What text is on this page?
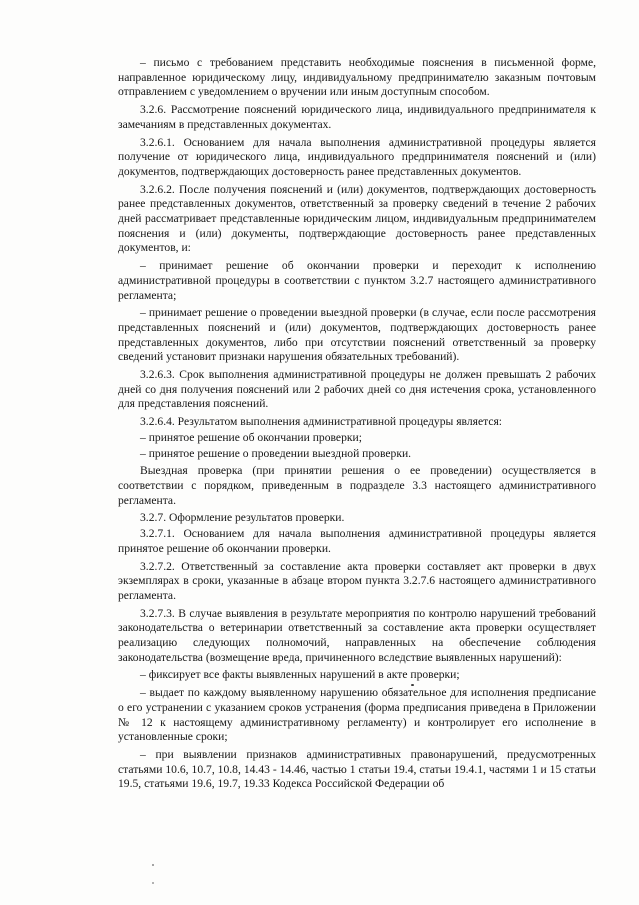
– письмо с требованием представить необходимые пояснения в письменной форме, направленное юридическому лицу, индивидуальному предпринимателю заказным почтовым отправлением с уведомлением о вручении или иным доступным способом.

3.2.6. Рассмотрение пояснений юридического лица, индивидуального предпринимателя к замечаниям в представленных документах.

3.2.6.1. Основанием для начала выполнения административной процедуры является получение от юридического лица, индивидуального предпринимателя пояснений и (или) документов, подтверждающих достоверность ранее представленных документов.

3.2.6.2. После получения пояснений и (или) документов, подтверждающих достоверность ранее представленных документов, ответственный за проверку сведений в течение 2 рабочих дней рассматривает представленные юридическим лицом, индивидуальным предпринимателем пояснения и (или) документы, подтверждающие достоверность ранее представленных документов, и:

– принимает решение об окончании проверки и переходит к исполнению административной процедуры в соответствии с пунктом 3.2.7 настоящего административного регламента;

– принимает решение о проведении выездной проверки (в случае, если после рассмотрения представленных пояснений и (или) документов, подтверждающих достоверность ранее представленных документов, либо при отсутствии пояснений ответственный за проверку сведений установит признаки нарушения обязательных требований).

3.2.6.3. Срок выполнения административной процедуры не должен превышать 2 рабочих дней со дня получения пояснений или 2 рабочих дней со дня истечения срока, установленного для представления пояснений.

3.2.6.4. Результатом выполнения административной процедуры является:

– принятое решение об окончании проверки;

– принятое решение о проведении выездной проверки.

Выездная проверка (при принятии решения о ее проведении) осуществляется в соответствии с порядком, приведенным в подразделе 3.3 настоящего административного регламента.

3.2.7. Оформление результатов проверки.

3.2.7.1. Основанием для начала выполнения административной процедуры является принятое решение об окончании проверки.

3.2.7.2. Ответственный за составление акта проверки составляет акт проверки в двух экземплярах в сроки, указанные в абзаце втором пункта 3.2.7.6 настоящего административного регламента.

3.2.7.3. В случае выявления в результате мероприятия по контролю нарушений требований законодательства о ветеринарии ответственный за составление акта проверки осуществляет реализацию следующих полномочий, направленных на обеспечение соблюдения законодательства (возмещение вреда, причиненного вследствие выявленных нарушений):

– фиксирует все факты выявленных нарушений в акте проверки;

– выдает по каждому выявленному нарушению обязательное для исполнения предписание о его устранении с указанием сроков устранения (форма предписания приведена в Приложении № 12 к настоящему административному регламенту) и контролирует его исполнение в установленные сроки;

– при выявлении признаков административных правонарушений, предусмотренных статьями 10.6, 10.7, 10.8, 14.43 - 14.46, частью 1 статьи 19.4, статьи 19.4.1, частями 1 и 15 статьи 19.5, статьями 19.6, 19.7, 19.33 Кодекса Российской Федерации об
